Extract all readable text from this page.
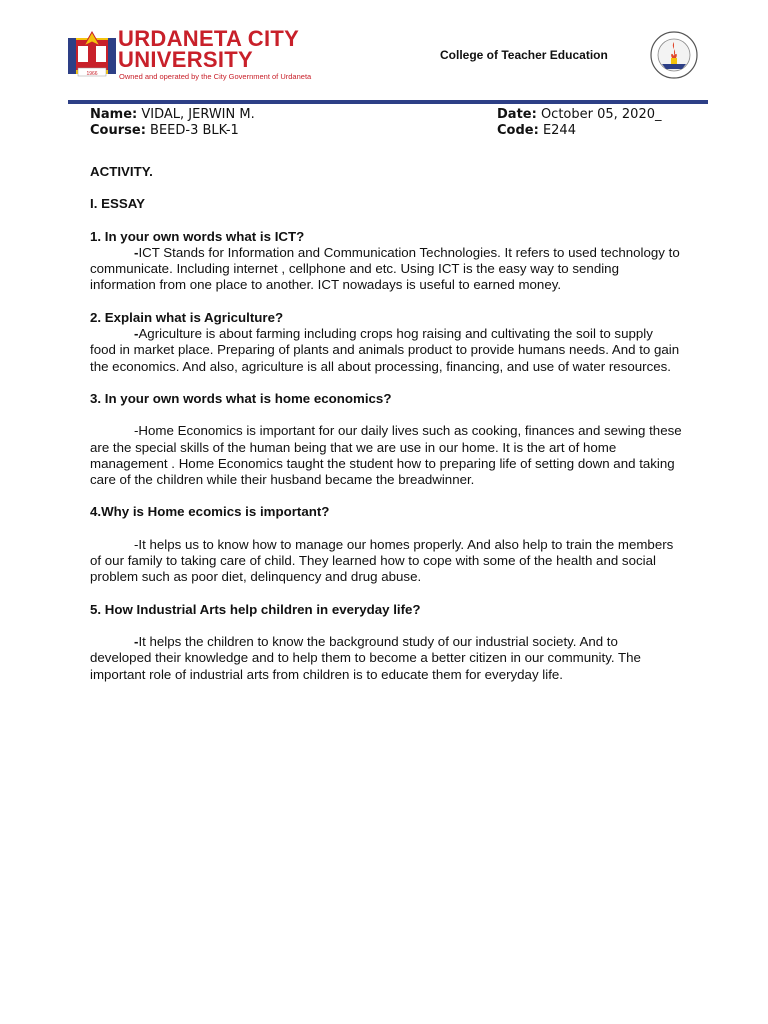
1966
URDANETA CITY
UNIVERSITY
Owned and operated by the City Government of Urdaneta
College of Teacher Education
Name: VIDAL, JERWIN M.
Course: BEED-3 BLK-1
Date: October 05, 2020_
Code: E244

ACTIVITY.

I. ESSAY

1. In your own words what is ICT?

-ICT Stands for Information and Communication Technologies. It refers to used technology to communicate. Including internet , cellphone and etc. Using ICT is the easy way to sending information from one place to another. ICT nowadays is useful to earned money.

2. Explain what is Agriculture?

-Agriculture is about farming including crops hog raising and cultivating the soil to supply food in market place. Preparing of plants and animals product to provide humans needs. And to gain the economics. And also, agriculture is all about processing, financing, and use of water resources.

3. In your own words what is home economics?

-Home Economics is important for our daily lives such as cooking, finances and sewing these are the special skills of the human being that we are use in our home. It is the art of home management . Home Economics taught the student how to preparing life of setting down and taking care of the children while their husband became the breadwinner.

4.Why is Home ecomics is important?

-It helps us to know how to manage our homes properly. And also help to train the members of our family to taking care of child. They learned how to cope with some of the health and social problem such as poor diet, delinquency and drug abuse.

5. How Industrial Arts help children in everyday life?

-It helps the children to know the background study of our industrial society. And to developed their knowledge and to help them to become a better citizen in our community. The important role of industrial arts from children is to educate them for everyday life.
